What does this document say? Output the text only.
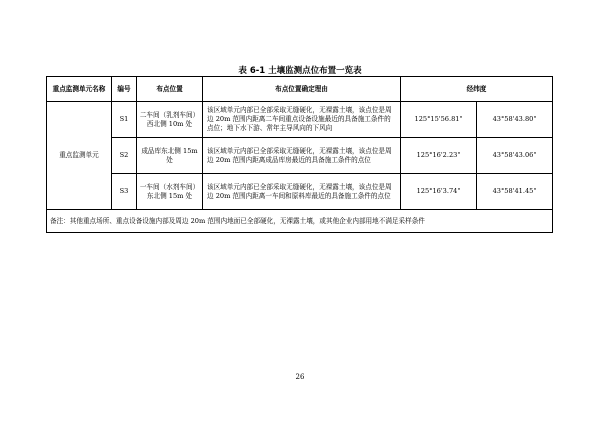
表 6-1 土壤监测点位布置一览表
重点监测单元名称	编号	布点位置	布点位置确定理由	经纬度	
重点监测单元	S1	二车间（乳剂车间）西北侧 10m 处	该区域单元内部已全部采取无缝硬化，无裸露土壤，该点位是周边 20m 范围内距离二车间重点设备设施最近的具备施工条件的点位；地下水下游、常年主导风向的下风向	125°15'56.81"	43°58'43.80"
	S2	成品库东北侧 15m 处	该区域单元内部已全部采取无缝硬化，无裸露土壤，该点位是周边 20m 范围内距离成品库房最近的具备施工条件的点位	125°16'2.23"	43°58'43.06"
	S3	一车间（水剂车间）东北侧 15m 处	该区域单元内部已全部采取无缝硬化，无裸露土壤，该点位是周边 20m 范围内距离一车间和原料库最近的具备施工条件的点位	125°16'3.74"	43°58'41.45"
备注：其他重点场所、重点设备设施内部及周边 20m 范围内地面已全部硬化，无裸露土壤，或其他企业内部用地不满足采样条件					
26
